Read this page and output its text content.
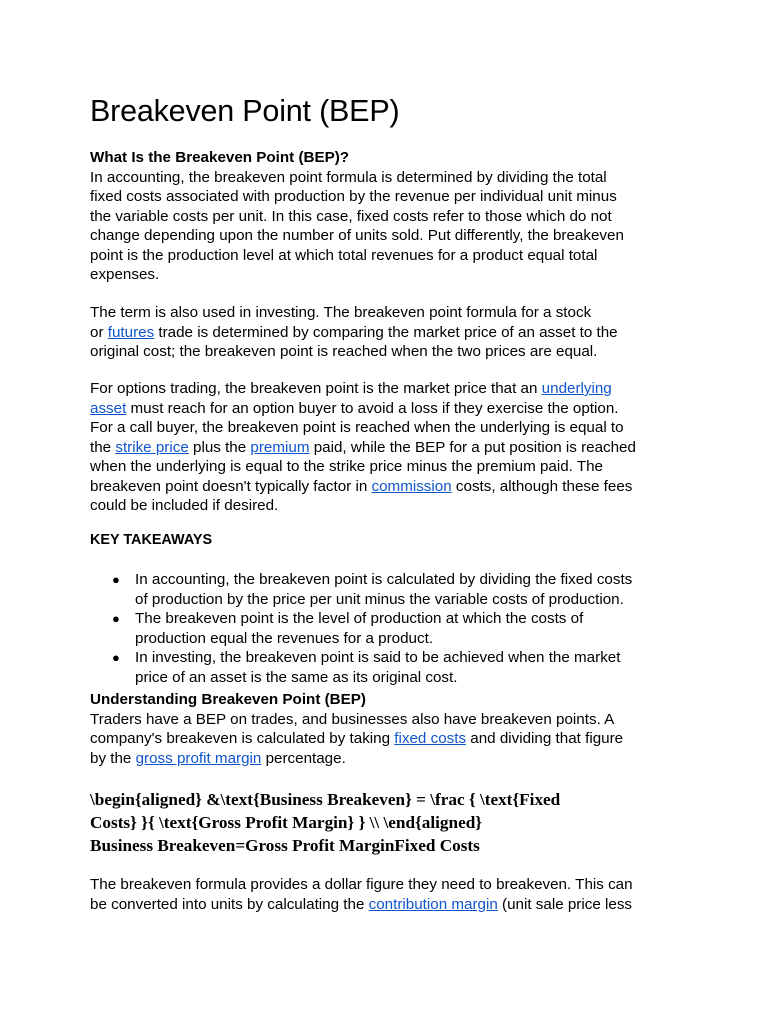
Breakeven Point (BEP)
What Is the Breakeven Point (BEP)?
In accounting, the breakeven point formula is determined by dividing the total
fixed costs associated with production by the revenue per individual unit minus
the variable costs per unit. In this case, fixed costs refer to those which do not
change depending upon the number of units sold. Put differently, the breakeven
point is the production level at which total revenues for a product equal total
expenses.
The term is also used in investing. The breakeven point formula for a stock
or futures trade is determined by comparing the market price of an asset to the
original cost; the breakeven point is reached when the two prices are equal.
For options trading, the breakeven point is the market price that an underlying
asset must reach for an option buyer to avoid a loss if they exercise the option.
For a call buyer, the breakeven point is reached when the underlying is equal to
the strike price plus the premium paid, while the BEP for a put position is reached
when the underlying is equal to the strike price minus the premium paid. The
breakeven point doesn't typically factor in commission costs, although these fees
could be included if desired.
KEY TAKEAWAYS
● In accounting, the breakeven point is calculated by dividing the fixed costs
of production by the price per unit minus the variable costs of production.
● The breakeven point is the level of production at which the costs of
production equal the revenues for a product.
● In investing, the breakeven point is said to be achieved when the market
price of an asset is the same as its original cost.
Understanding Breakeven Point (BEP)
Traders have a BEP on trades, and businesses also have breakeven points. A
company's breakeven is calculated by taking fixed costs and dividing that figure
by the gross profit margin percentage.
\begin{aligned} &\text{Business Breakeven} = \frac { \text{Fixed
Costs} }{ \text{Gross Profit Margin} } \\ \end{aligned}
Business Breakeven=Gross Profit MarginFixed Costs
The breakeven formula provides a dollar figure they need to breakeven. This can
be converted into units by calculating the contribution margin (unit sale price less
